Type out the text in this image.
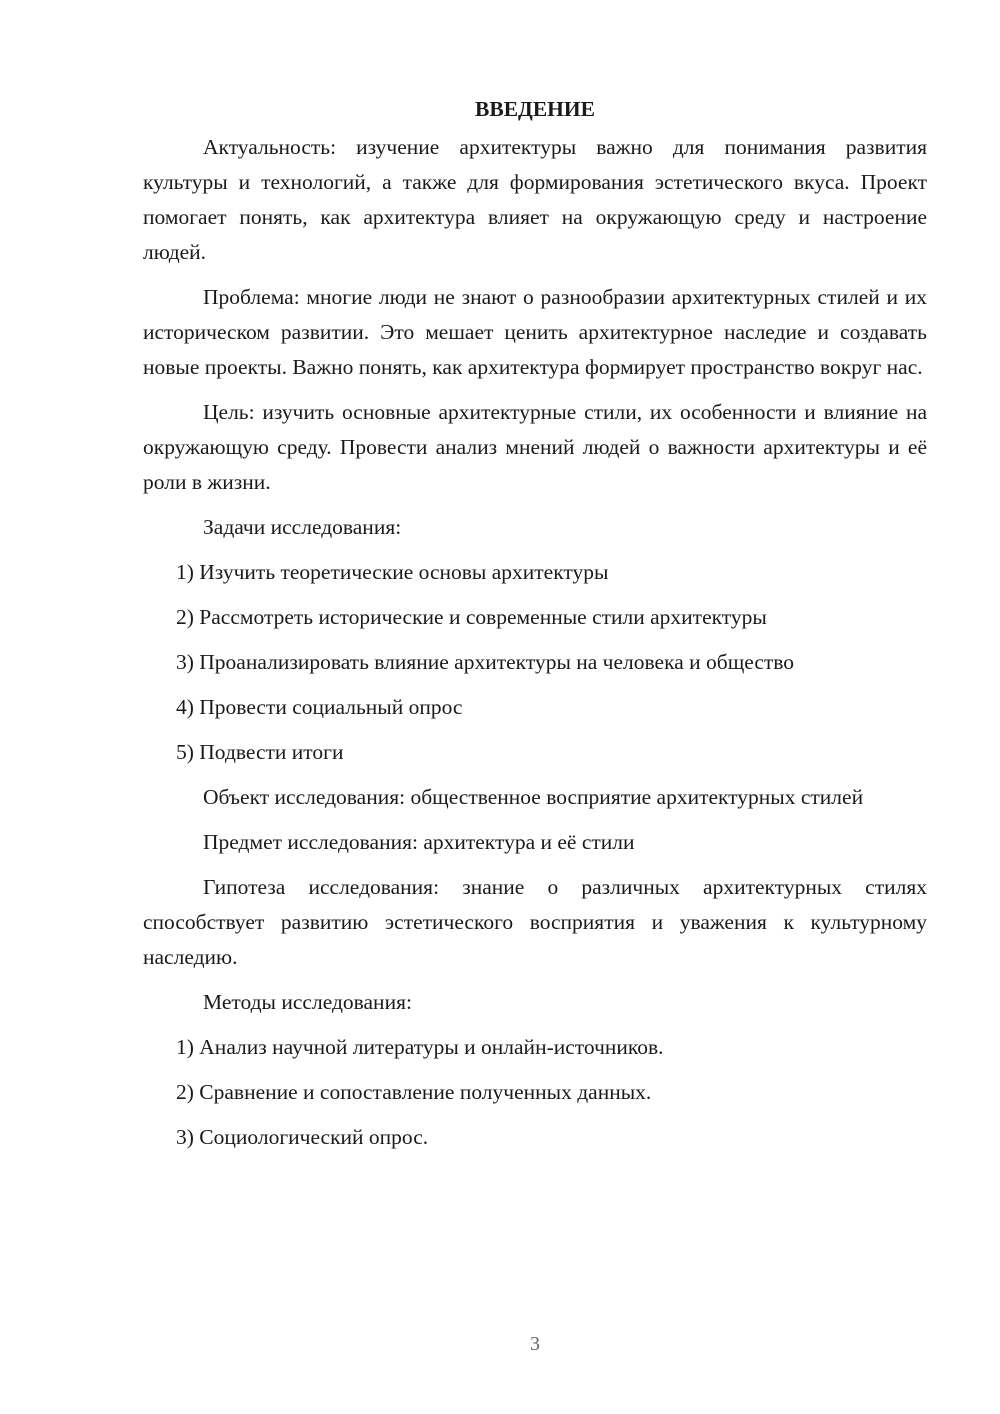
ВВЕДЕНИЕ

Актуальность: изучение архитектуры важно для понимания развития культуры и технологий, а также для формирования эстетического вкуса. Проект помогает понять, как архитектура влияет на окружающую среду и настроение людей.

Проблема: многие люди не знают о разнообразии архитектурных стилей и их историческом развитии. Это мешает ценить архитектурное наследие и создавать новые проекты. Важно понять, как архитектура формирует пространство вокруг нас.

Цель: изучить основные архитектурные стили, их особенности и влияние на окружающую среду. Провести анализ мнений людей о важности архитектуры и её роли в жизни.

Задачи исследования:

1) Изучить теоретические основы архитектуры

2) Рассмотреть исторические и современные стили архитектуры

3) Проанализировать влияние архитектуры на человека и общество

4) Провести социальный опрос

5) Подвести итоги

Объект исследования: общественное восприятие архитектурных стилей

Предмет исследования: архитектура и её стили

Гипотеза исследования: знание о различных архитектурных стилях способствует развитию эстетического восприятия и уважения к культурному наследию.

Методы исследования:

1) Анализ научной литературы и онлайн-источников.

2) Сравнение и сопоставление полученных данных.

3) Социологический опрос.

3
